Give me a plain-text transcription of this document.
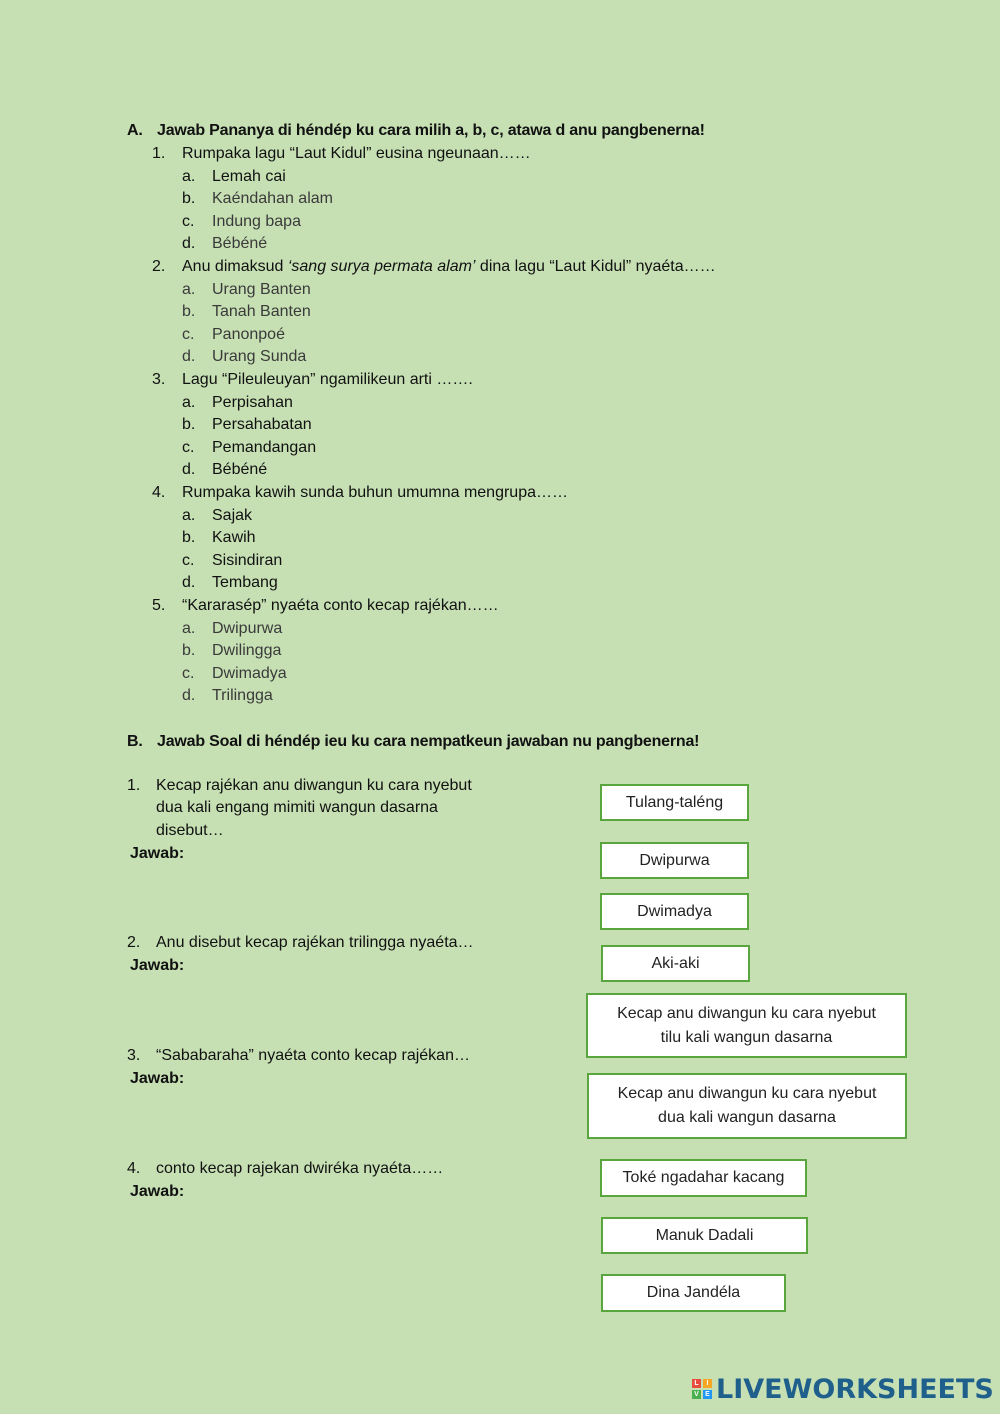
A. Jawab Pananya di héndép ku cara milih a, b, c, atawa d anu pangbenerna!
1. Rumpaka lagu “Laut Kidul” eusina ngeunaan……
a. Lemah cai
b. Kaéndahan alam
c. Indung bapa
d. Bébéné
2. Anu dimaksud ‘sang surya permata alam’ dina lagu “Laut Kidul” nyaéta……
a. Urang Banten
b. Tanah Banten
c. Panonpoé
d. Urang Sunda
3. Lagu “Pileuleuyan” ngamilikeun arti …….
a. Perpisahan
b. Persahabatan
c. Pemandangan
d. Bébéné
4. Rumpaka kawih sunda buhun umumna mengrupa……
a. Sajak
b. Kawih
c. Sisindiran
d. Tembang
5. “Kararasép” nyaéta conto kecap rajékan……
a. Dwipurwa
b. Dwilingga
c. Dwimadya
d. Trilingga
B. Jawab Soal di héndép ieu ku cara nempatkeun jawaban nu pangbenerna!
1. Kecap rajékan anu diwangun ku cara nyebut
dua kali engang mimiti wangun dasarna
disebut…
Jawab:
2. Anu disebut kecap rajékan trilingga nyaéta…
Jawab:
3. “Sababaraha” nyaéta conto kecap rajékan…
Jawab:
4. conto kecap rajekan dwiréka nyaéta……
Jawab:
Tulang-taléng
Dwipurwa
Dwimadya
Aki-aki
Kecap anu diwangun ku cara nyebut tilu kali wangun dasarna
Kecap anu diwangun ku cara nyebut dua kali wangun dasarna
Toké ngadahar kacang
Manuk Dadali
Dina Jandéla
L	I
V E LIVEWORKSHEETS
